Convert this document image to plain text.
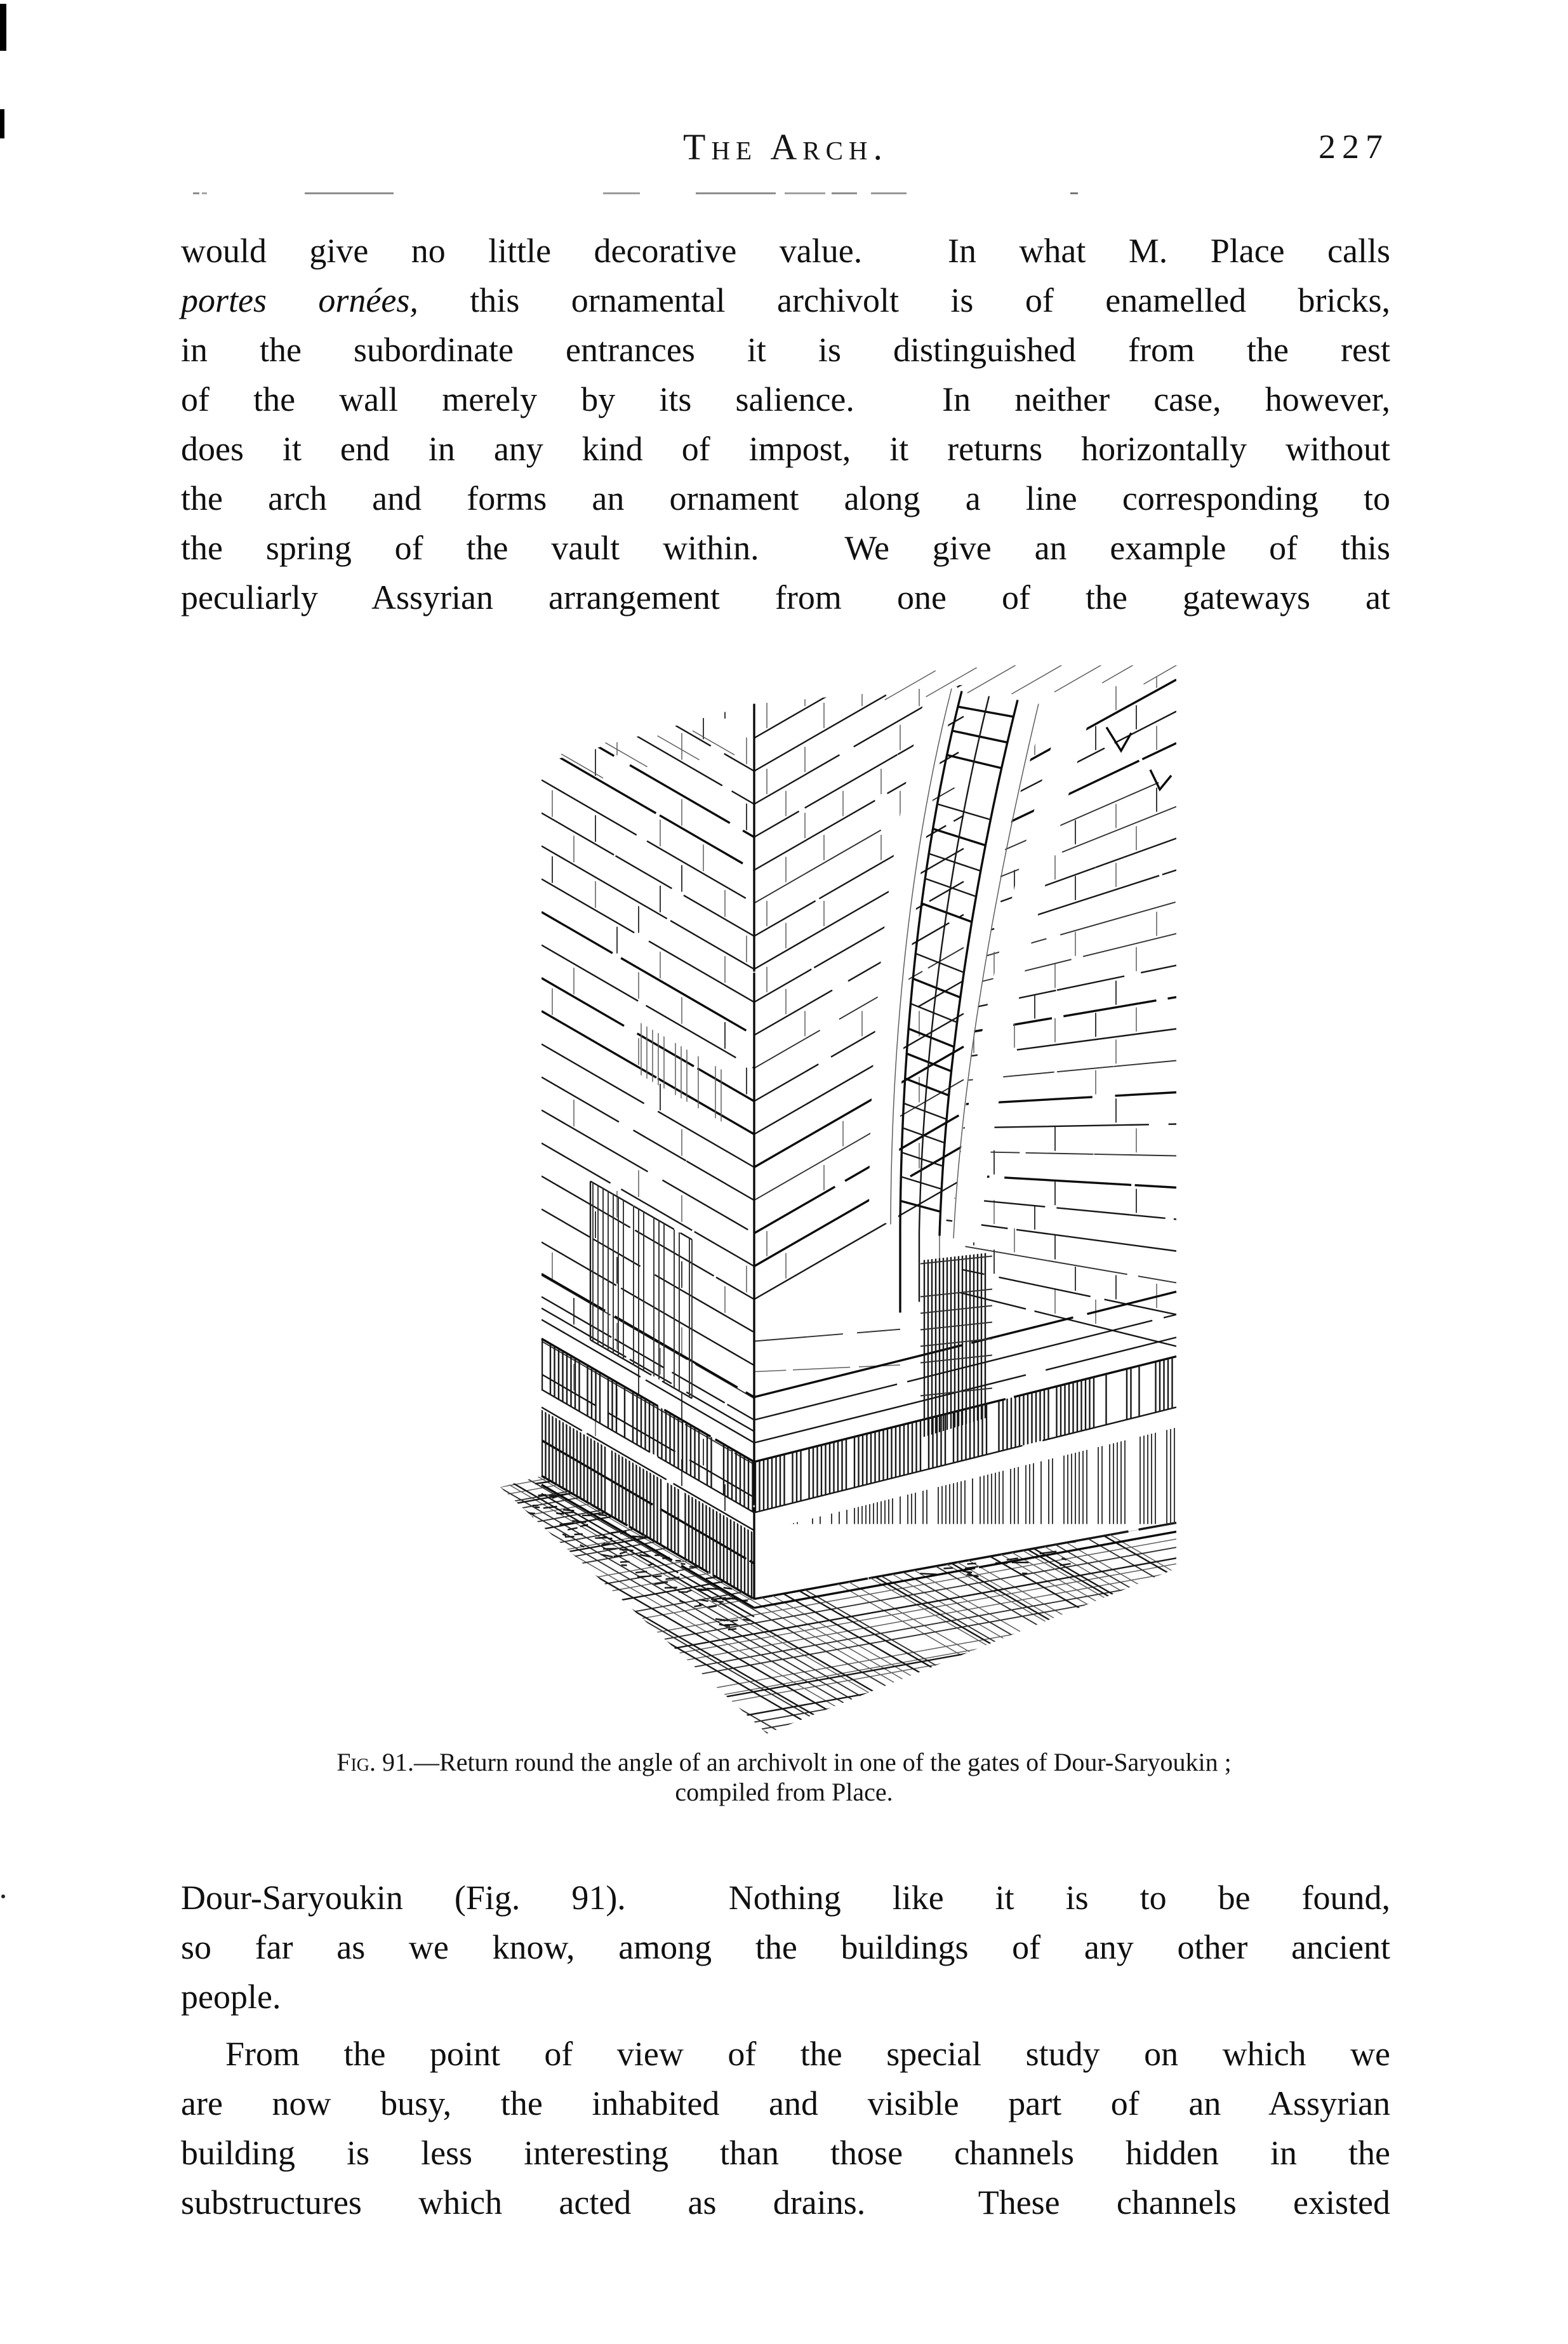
The Arch.	227
would give no little decorative value.  In what M. Place calls
portes ornées, this ornamental archivolt is of enamelled bricks,
in the subordinate entrances it is distinguished from the rest
of the wall merely by its salience.  In neither case, however,
does it end in any kind of impost, it returns horizontally without
the arch and forms an ornament along a line corresponding to
the spring of the vault within.  We give an example of this
peculiarly Assyrian arrangement from one of the gateways at
Fig. 91.—Return round the angle of an archivolt in one of the gates of Dour-Saryoukin ;
compiled from Place.
Dour-Saryoukin (Fig. 91).  Nothing like it is to be found,
so far as we know, among the buildings of any other ancient
people.
From the point of view of the special study on which we
are now busy, the inhabited and visible part of an Assyrian
building is less interesting than those channels hidden in the
substructures which acted as drains.  These channels existed
